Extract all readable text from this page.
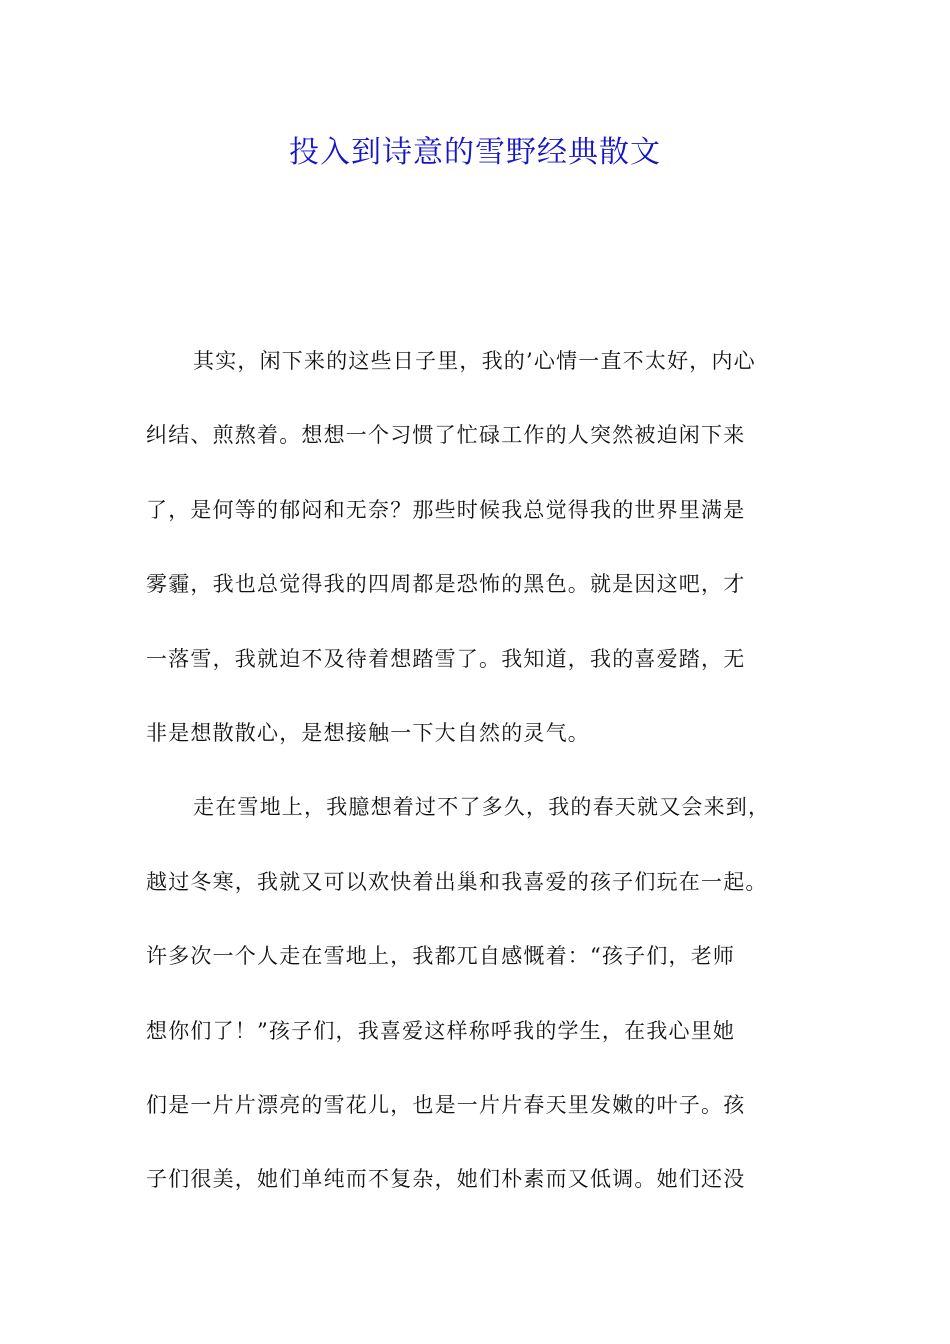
投入到诗意的雪野经典散文
其实，闲下来的这些日子里，我的’心情一直不太好，内心
纠结、煎熬着。想想一个习惯了忙碌工作的人突然被迫闲下来
了，是何等的郁闷和无奈？那些时候我总觉得我的世界里满是
雾霾，我也总觉得我的四周都是恐怖的黑色。就是因这吧，才
一落雪，我就迫不及待着想踏雪了。我知道，我的喜爱踏，无
非是想散散心，是想接触一下大自然的灵气。
走在雪地上，我臆想着过不了多久，我的春天就又会来到，
越过冬寒，我就又可以欢快着出巢和我喜爱的孩子们玩在一起。
许多次一个人走在雪地上，我都兀自感慨着：“孩子们，老师
想你们了！”孩子们，我喜爱这样称呼我的学生，在我心里她
们是一片片漂亮的雪花儿，也是一片片春天里发嫩的叶子。孩
子们很美，她们单纯而不复杂，她们朴素而又低调。她们还没
